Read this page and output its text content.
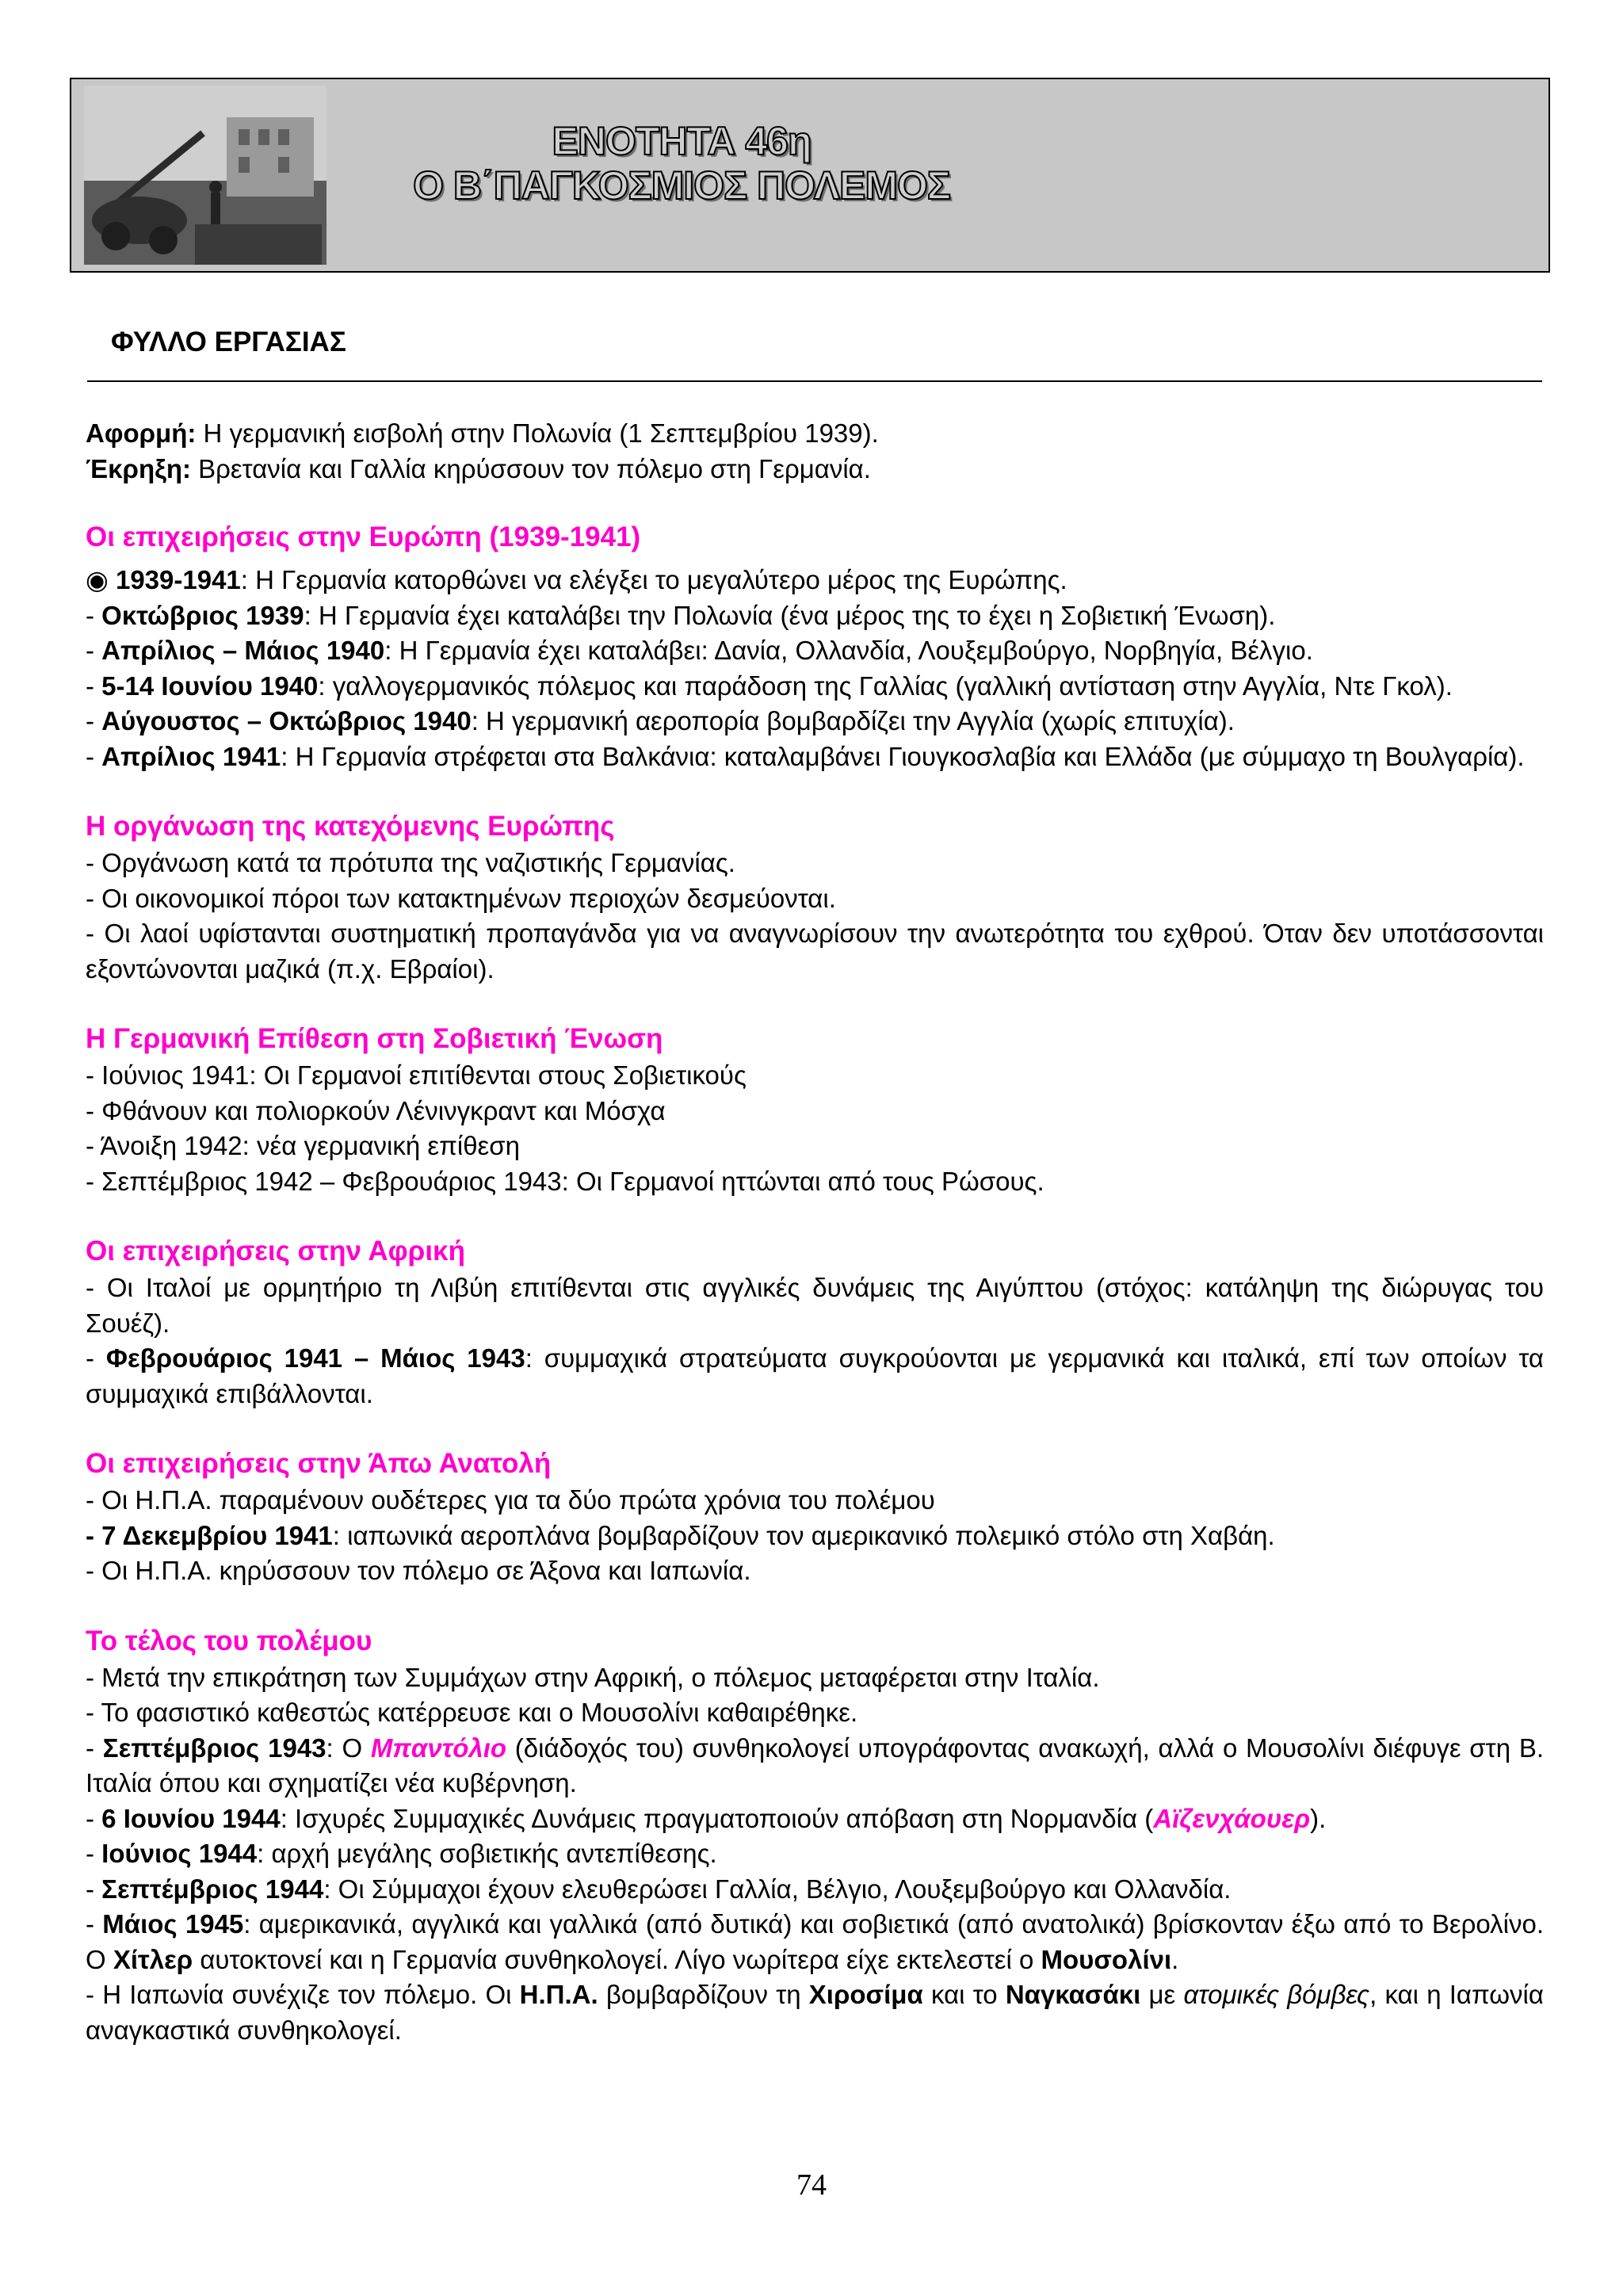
ΕΝΟΤΗΤΑ 46η
Ο Β΄ΠΑΓΚΟΣΜΙΟΣ ΠΟΛΕΜΟΣ
ΦΥΛΛΟ ΕΡΓΑΣΙΑΣ

Αφορμή: Η γερμανική εισβολή στην Πολωνία (1 Σεπτεμβρίου 1939).

Έκρηξη: Βρετανία και Γαλλία κηρύσσουν τον πόλεμο στη Γερμανία.

Οι επιχειρήσεις στην Ευρώπη (1939-1941)

◉ 1939-1941: Η Γερμανία κατορθώνει να ελέγξει το μεγαλύτερο μέρος της Ευρώπης.

- Οκτώβριος 1939: Η Γερμανία έχει καταλάβει την Πολωνία (ένα μέρος της το έχει η Σοβιετική Ένωση).

- Απρίλιος – Μάιος 1940: Η Γερμανία έχει καταλάβει: Δανία, Ολλανδία, Λουξεμβούργο, Νορβηγία, Βέλγιο.

- 5-14 Ιουνίου 1940: γαλλογερμανικός πόλεμος και παράδοση της Γαλλίας (γαλλική αντίσταση στην Αγγλία, Ντε Γκολ).

- Αύγουστος – Οκτώβριος 1940: Η γερμανική αεροπορία βομβαρδίζει την Αγγλία (χωρίς επιτυχία).

- Απρίλιος 1941: Η Γερμανία στρέφεται στα Βαλκάνια: καταλαμβάνει Γιουγκοσλαβία και Ελλάδα (με σύμμαχο τη Βουλγαρία).

Η οργάνωση της κατεχόμενης Ευρώπης

- Οργάνωση κατά τα πρότυπα της ναζιστικής Γερμανίας.

- Οι οικονομικοί πόροι των κατακτημένων περιοχών δεσμεύονται.

- Οι λαοί υφίστανται συστηματική προπαγάνδα για να αναγνωρίσουν την ανωτερότητα του εχθρού. Όταν δεν υποτάσσονται εξοντώνονται μαζικά (π.χ. Εβραίοι).

Η Γερμανική Επίθεση στη Σοβιετική Ένωση

- Ιούνιος 1941: Οι Γερμανοί επιτίθενται στους Σοβιετικούς

- Φθάνουν και πολιορκούν Λένινγκραντ και Μόσχα

- Άνοιξη 1942: νέα γερμανική επίθεση

- Σεπτέμβριος 1942 – Φεβρουάριος 1943: Οι Γερμανοί ηττώνται από τους Ρώσους.

Οι επιχειρήσεις στην Αφρική

- Οι Ιταλοί με ορμητήριο τη Λιβύη επιτίθενται στις αγγλικές δυνάμεις της Αιγύπτου (στόχος: κατάληψη της διώρυγας του Σουέζ).

- Φεβρουάριος 1941 – Μάιος 1943: συμμαχικά στρατεύματα συγκρούονται με γερμανικά και ιταλικά, επί των οποίων τα συμμαχικά επιβάλλονται.

Οι επιχειρήσεις στην Άπω Ανατολή

- Οι Η.Π.Α. παραμένουν ουδέτερες για τα δύο πρώτα χρόνια του πολέμου

- 7 Δεκεμβρίου 1941: ιαπωνικά αεροπλάνα βομβαρδίζουν τον αμερικανικό πολεμικό στόλο στη Χαβάη.

- Οι Η.Π.Α. κηρύσσουν τον πόλεμο σε Άξονα και Ιαπωνία.

Το τέλος του πολέμου

- Μετά την επικράτηση των Συμμάχων στην Αφρική, ο πόλεμος μεταφέρεται στην Ιταλία.

- Το φασιστικό καθεστώς κατέρρευσε και ο Μουσολίνι καθαιρέθηκε.

- Σεπτέμβριος 1943: Ο Μπαντόλιο (διάδοχός του) συνθηκολογεί υπογράφοντας ανακωχή, αλλά ο Μουσολίνι διέφυγε στη Β. Ιταλία όπου και σχηματίζει νέα κυβέρνηση.

- 6 Ιουνίου 1944: Ισχυρές Συμμαχικές Δυνάμεις πραγματοποιούν απόβαση στη Νορμανδία (Αϊζενχάουερ).

- Ιούνιος 1944: αρχή μεγάλης σοβιετικής αντεπίθεσης.

- Σεπτέμβριος 1944: Οι Σύμμαχοι έχουν ελευθερώσει Γαλλία, Βέλγιο, Λουξεμβούργο και Ολλανδία.

- Μάιος 1945: αμερικανικά, αγγλικά και γαλλικά (από δυτικά) και σοβιετικά (από ανατολικά) βρίσκονταν έξω από το Βερολίνο. Ο Χίτλερ αυτοκτονεί και η Γερμανία συνθηκολογεί. Λίγο νωρίτερα είχε εκτελεστεί ο Μουσολίνι.

- Η Ιαπωνία συνέχιζε τον πόλεμο. Οι Η.Π.Α. βομβαρδίζουν τη Χιροσίμα και το Ναγκασάκι με ατομικές βόμβες, και η Ιαπωνία αναγκαστικά συνθηκολογεί.

74
